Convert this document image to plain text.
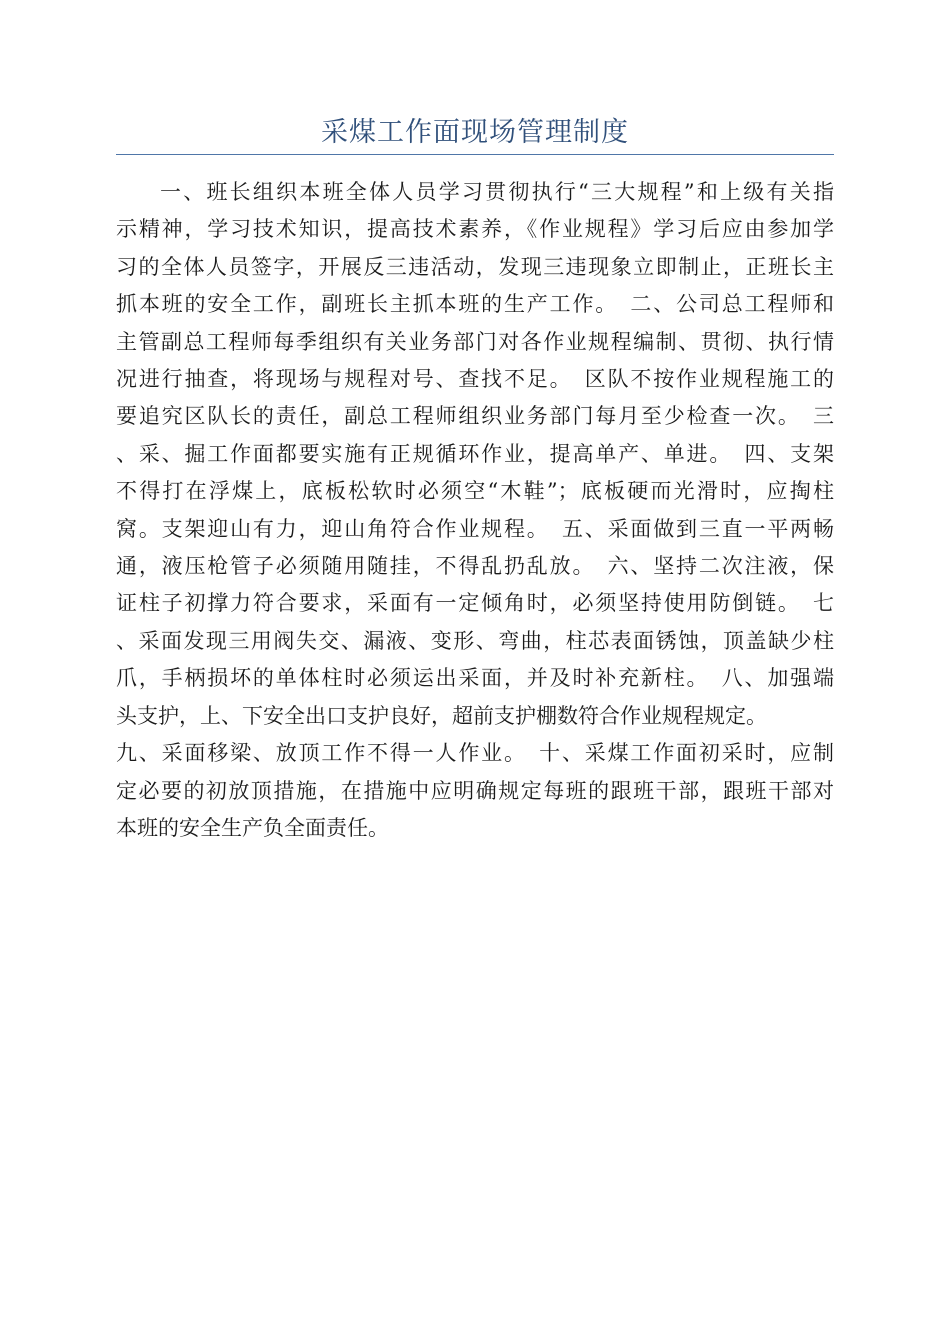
采煤工作面现场管理制度
一、班长组织本班全体人员学习贯彻执行“三大规程”和上级有关指
示精神，学习技术知识，提高技术素养，《作业规程》学习后应由参加学
习的全体人员签字，开展反三违活动，发现三违现象立即制止，正班长主
抓本班的安全工作，副班长主抓本班的生产工作。　二、公司总工程师和
主管副总工程师每季组织有关业务部门对各作业规程编制、贯彻、执行情
况进行抽查，将现场与规程对号、查找不足。　区队不按作业规程施工的
要追究区队长的责任，副总工程师组织业务部门每月至少检查一次。　三
、采、掘工作面都要实施有正规循环作业，提高单产、单进。　四、支架
不得打在浮煤上，底板松软时必须空“木鞋”；底板硬而光滑时，应掏柱
窝。支架迎山有力，迎山角符合作业规程。　五、采面做到三直一平两畅
通，液压枪管子必须随用随挂，不得乱扔乱放。　六、坚持二次注液，保
证柱子初撑力符合要求，采面有一定倾角时，必须坚持使用防倒链。　七
、采面发现三用阀失交、漏液、变形、弯曲，柱芯表面锈蚀，顶盖缺少柱
爪，手柄损坏的单体柱时必须运出采面，并及时补充新柱。　八、加强端
头支护，上、下安全出口支护良好，超前支护棚数符合作业规程规定。
九、采面移梁、放顶工作不得一人作业。　十、采煤工作面初采时，应制
定必要的初放顶措施，在措施中应明确规定每班的跟班干部，跟班干部对
本班的安全生产负全面责任。
